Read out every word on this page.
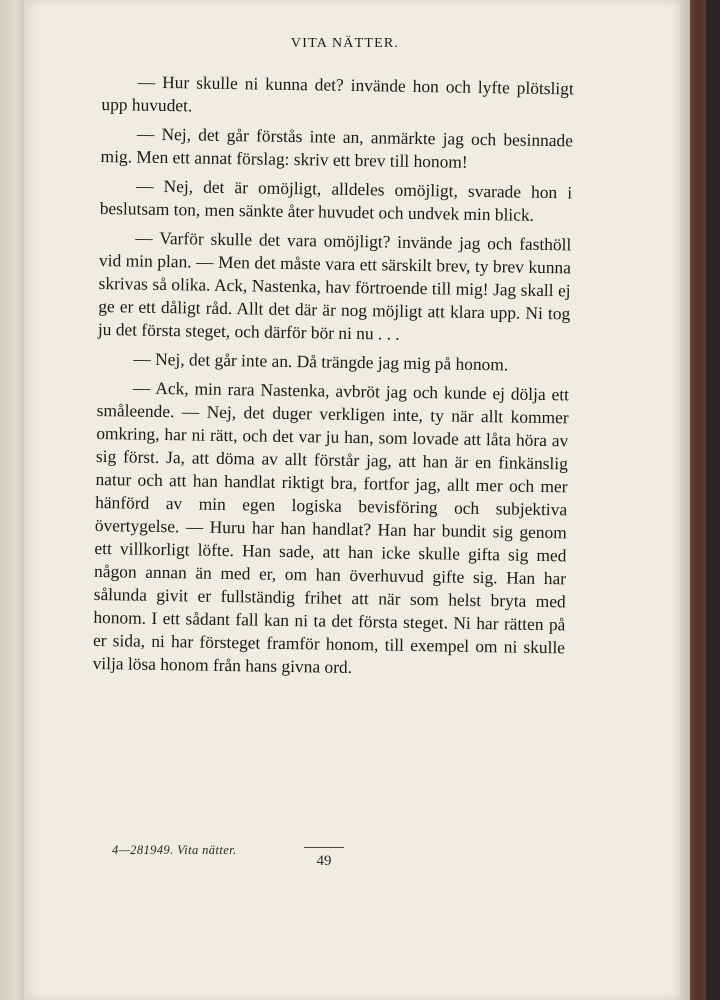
VITA NÄTTER.

— Hur skulle ni kunna det? invände hon och lyfte plötsligt upp huvudet.

— Nej, det går förstås inte an, anmärkte jag och besinnade mig. Men ett annat förslag: skriv ett brev till honom!

— Nej, det är omöjligt, alldeles omöjligt, svarade hon i beslutsam ton, men sänkte åter huvudet och undvek min blick.

— Varför skulle det vara omöjligt? invände jag och fasthöll vid min plan. — Men det måste vara ett särskilt brev, ty brev kunna skrivas så olika. Ack, Nastenka, hav förtroende till mig! Jag skall ej ge er ett dåligt råd. Allt det där är nog möjligt att klara upp. Ni tog ju det första steget, och därför bör ni nu . . .

— Nej, det går inte an. Då trängde jag mig på honom.

— Ack, min rara Nastenka, avbröt jag och kunde ej dölja ett småleende. — Nej, det duger verkligen inte, ty när allt kommer omkring, har ni rätt, och det var ju han, som lovade att låta höra av sig först. Ja, att döma av allt förstår jag, att han är en finkänslig natur och att han handlat riktigt bra, fortfor jag, allt mer och mer hänförd av min egen logiska bevisföring och subjektiva övertygelse. — Huru har han handlat? Han har bundit sig genom ett villkorligt löfte. Han sade, att han icke skulle gifta sig med någon annan än med er, om han överhuvud gifte sig. Han har sålunda givit er fullständig frihet att när som helst bryta med honom. I ett sådant fall kan ni ta det första steget. Ni har rätten på er sida, ni har försteget framför honom, till exempel om ni skulle vilja lösa honom från hans givna ord.

4—281949. Vita nätter.
49
